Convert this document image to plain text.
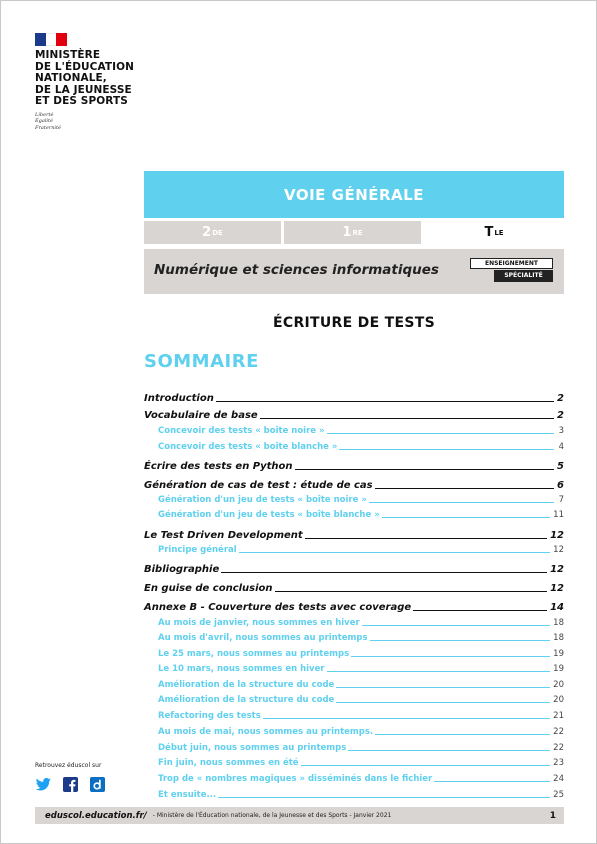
MINISTÈRE
DE L'ÉDUCATION
NATIONALE,
DE LA JEUNESSE
ET DES SPORTS
Liberté
Égalité
Fraternité
VOIE GÉNÉRALE
2 DE	1 RE	T LE
Numérique et sciences informatiques	ENSEIGNEMENT
SPÉCIALITÉ
ÉCRITURE DE TESTS
SOMMAIRE
Introduction	2
Vocabulaire de base	2
Concevoir des tests « boîte noire »	3
Concevoir des tests « boîte blanche »	4
Écrire des tests en Python	5
Génération de cas de test : étude de cas	6
Génération d'un jeu de tests « boîte noire »	7
Génération d'un jeu de tests « boîte blanche »	11
Le Test Driven Development	12
Principe général	12
Bibliographie	12
En guise de conclusion	12
Annexe B - Couverture des tests avec coverage	14
Au mois de janvier, nous sommes en hiver	18
Au mois d'avril, nous sommes au printemps	18
Le 25 mars, nous sommes au printemps	19
Le 10 mars, nous sommes en hiver	19
Amélioration de la structure du code	20
Amélioration de la structure du code	20
Refactoring des tests	21
Au mois de mai, nous sommes au printemps.	22
Début juin, nous sommes au printemps	22
Fin juin, nous sommes en été	23
Trop de « nombres magiques » disséminés dans le fichier	24
Et ensuite...	25
Retrouvez éduscol sur
eduscol.education.fr/	- Ministère de l'Éducation nationale, de la Jeunesse et des Sports - Janvier 2021	1
